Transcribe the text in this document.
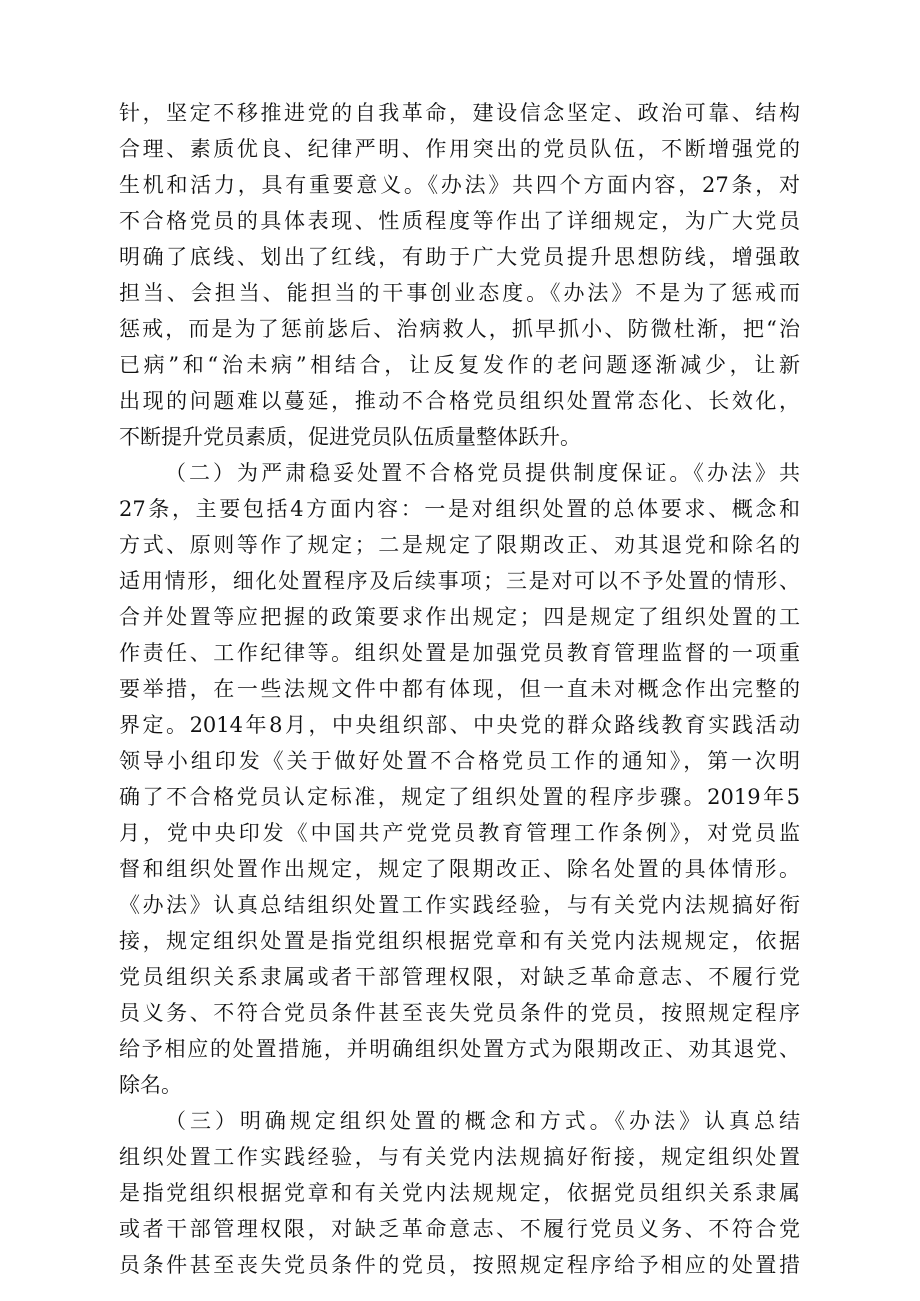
针，坚定不移推进党的自我革命，建设信念坚定、政治可靠、结构
合理、素质优良、纪律严明、作用突出的党员队伍，不断增强党的
生机和活力，具有重要意义。《办法》共四个方面内容，27条，对
不合格党员的具体表现、性质程度等作出了详细规定，为广大党员
明确了底线、划出了红线，有助于广大党员提升思想防线，增强敢
担当、会担当、能担当的干事创业态度。《办法》不是为了惩戒而
惩戒，而是为了惩前毖后、治病救人，抓早抓小、防微杜渐，把“治
已病”和“治未病”相结合，让反复发作的老问题逐渐减少，让新
出现的问题难以蔓延，推动不合格党员组织处置常态化、长效化，
不断提升党员素质，促进党员队伍质量整体跃升。
（二）为严肃稳妥处置不合格党员提供制度保证。《办法》共
27条，主要包括4方面内容：一是对组织处置的总体要求、概念和
方式、原则等作了规定；二是规定了限期改正、劝其退党和除名的
适用情形，细化处置程序及后续事项；三是对可以不予处置的情形、
合并处置等应把握的政策要求作出规定；四是规定了组织处置的工
作责任、工作纪律等。组织处置是加强党员教育管理监督的一项重
要举措，在一些法规文件中都有体现，但一直未对概念作出完整的
界定。2014年8月，中央组织部、中央党的群众路线教育实践活动
领导小组印发《关于做好处置不合格党员工作的通知》，第一次明
确了不合格党员认定标准，规定了组织处置的程序步骤。2019年5
月，党中央印发《中国共产党党员教育管理工作条例》，对党员监
督和组织处置作出规定，规定了限期改正、除名处置的具体情形。
《办法》认真总结组织处置工作实践经验，与有关党内法规搞好衔
接，规定组织处置是指党组织根据党章和有关党内法规规定，依据
党员组织关系隶属或者干部管理权限，对缺乏革命意志、不履行党
员义务、不符合党员条件甚至丧失党员条件的党员，按照规定程序
给予相应的处置措施，并明确组织处置方式为限期改正、劝其退党、
除名。
（三）明确规定组织处置的概念和方式。《办法》认真总结
组织处置工作实践经验，与有关党内法规搞好衔接，规定组织处置
是指党组织根据党章和有关党内法规规定，依据党员组织关系隶属
或者干部管理权限，对缺乏革命意志、不履行党员义务、不符合党
员条件甚至丧失党员条件的党员，按照规定程序给予相应的处置措
